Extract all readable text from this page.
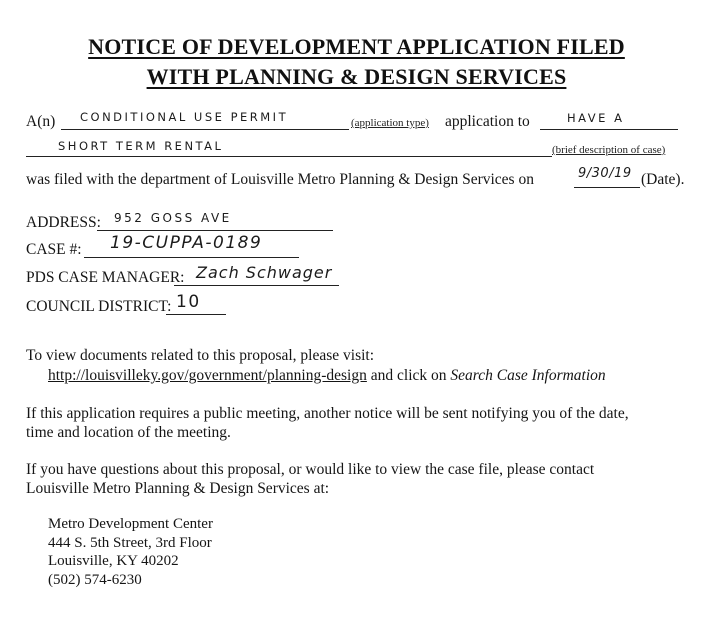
NOTICE OF DEVELOPMENT APPLICATION FILED
WITH PLANNING & DESIGN SERVICES
A(n) CONDITIONAL USE PERMIT	(application type) application to	HAVE A
SHORT TERM RENTAL	(brief description of case)
was filed with the department of Louisville Metro Planning & Design Services on	9/30/19 (Date).
ADDRESS: 952 GOSS AVE
CASE #: 19-CUPPA-0189
PDS CASE MANAGER: Zach Schwager
COUNCIL DISTRICT: 10
To view documents related to this proposal, please visit:
http://louisvilleky.gov/government/planning-design and click on Search Case Information
If this application requires a public meeting, another notice will be sent notifying you of the date,
time and location of the meeting.
If you have questions about this proposal, or would like to view the case file, please contact
Louisville Metro Planning & Design Services at:
Metro Development Center
444 S. 5th Street, 3rd Floor
Louisville, KY 40202
(502) 574-6230
